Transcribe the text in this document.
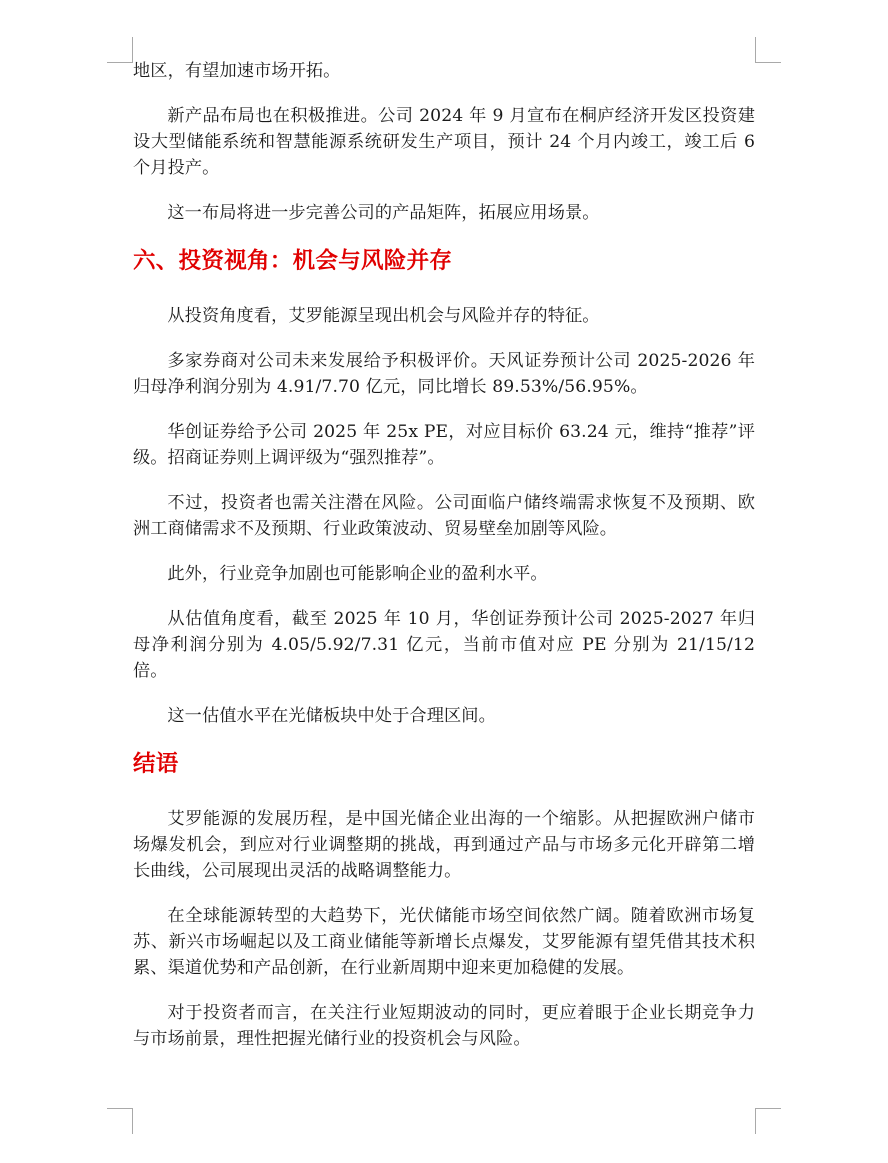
地区，有望加速市场开拓。

新产品布局也在积极推进。公司 2024 年 9 月宣布在桐庐经济开发区投资建设大型储能系统和智慧能源系统研发生产项目，预计 24 个月内竣工，竣工后 6 个月投产。

这一布局将进一步完善公司的产品矩阵，拓展应用场景。

六、投资视角：机会与风险并存

从投资角度看，艾罗能源呈现出机会与风险并存的特征。

多家券商对公司未来发展给予积极评价。天风证券预计公司 2025-2026 年归母净利润分别为 4.91/7.70 亿元，同比增长 89.53%/56.95%。

华创证券给予公司 2025 年 25x PE，对应目标价 63.24 元，维持“推荐”评级。招商证券则上调评级为“强烈推荐”。

不过，投资者也需关注潜在风险。公司面临户储终端需求恢复不及预期、欧洲工商储需求不及预期、行业政策波动、贸易壁垒加剧等风险。

此外，行业竞争加剧也可能影响企业的盈利水平。

从估值角度看，截至 2025 年 10 月，华创证券预计公司 2025-2027 年归母净利润分别为 4.05/5.92/7.31 亿元，当前市值对应 PE 分别为 21/15/12 倍。

这一估值水平在光储板块中处于合理区间。

结语

艾罗能源的发展历程，是中国光储企业出海的一个缩影。从把握欧洲户储市场爆发机会，到应对行业调整期的挑战，再到通过产品与市场多元化开辟第二增长曲线，公司展现出灵活的战略调整能力。

在全球能源转型的大趋势下，光伏储能市场空间依然广阔。随着欧洲市场复苏、新兴市场崛起以及工商业储能等新增长点爆发，艾罗能源有望凭借其技术积累、渠道优势和产品创新，在行业新周期中迎来更加稳健的发展。

对于投资者而言，在关注行业短期波动的同时，更应着眼于企业长期竞争力与市场前景，理性把握光储行业的投资机会与风险。
